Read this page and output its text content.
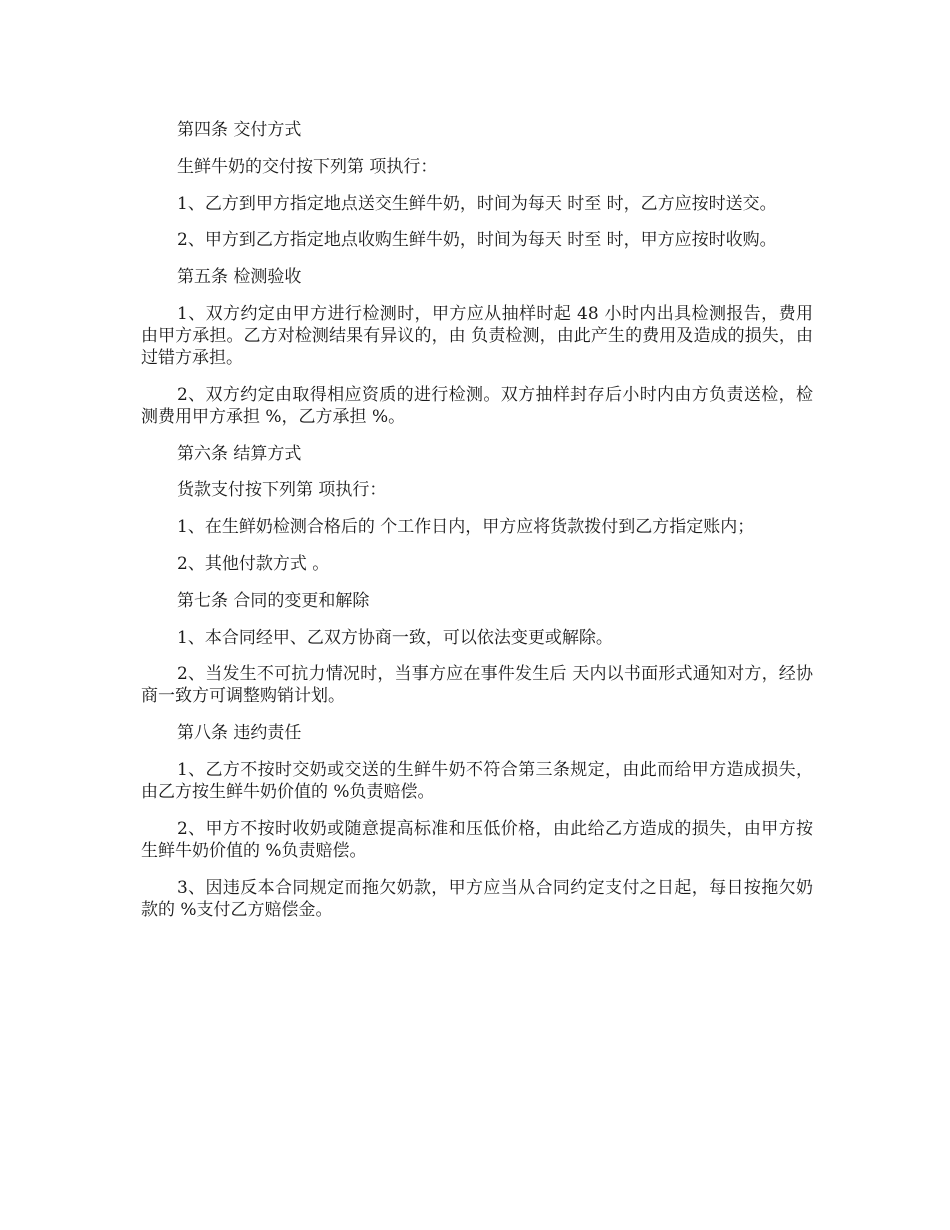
第四条 交付方式

生鲜牛奶的交付按下列第 项执行：

1、乙方到甲方指定地点送交生鲜牛奶，时间为每天 时至 时，乙方应按时送交。

2、甲方到乙方指定地点收购生鲜牛奶，时间为每天 时至 时，甲方应按时收购。

第五条 检测验收

1、双方约定由甲方进行检测时，甲方应从抽样时起 48 小时内出具检测报告，费用由甲方承担。乙方对检测结果有异议的，由 负责检测，由此产生的费用及造成的损失，由过错方承担。

2、双方约定由取得相应资质的进行检测。双方抽样封存后小时内由方负责送检，检测费用甲方承担 %，乙方承担 %。

第六条 结算方式

货款支付按下列第 项执行：

1、在生鲜奶检测合格后的 个工作日内，甲方应将货款拨付到乙方指定账内；

2、其他付款方式 。

第七条 合同的变更和解除

1、本合同经甲、乙双方协商一致，可以依法变更或解除。

2、当发生不可抗力情况时，当事方应在事件发生后 天内以书面形式通知对方，经协商一致方可调整购销计划。

第八条 违约责任

1、乙方不按时交奶或交送的生鲜牛奶不符合第三条规定，由此而给甲方造成损失，由乙方按生鲜牛奶价值的 %负责赔偿。

2、甲方不按时收奶或随意提高标准和压低价格，由此给乙方造成的损失，由甲方按生鲜牛奶价值的 %负责赔偿。

3、因违反本合同规定而拖欠奶款，甲方应当从合同约定支付之日起，每日按拖欠奶款的 %支付乙方赔偿金。
